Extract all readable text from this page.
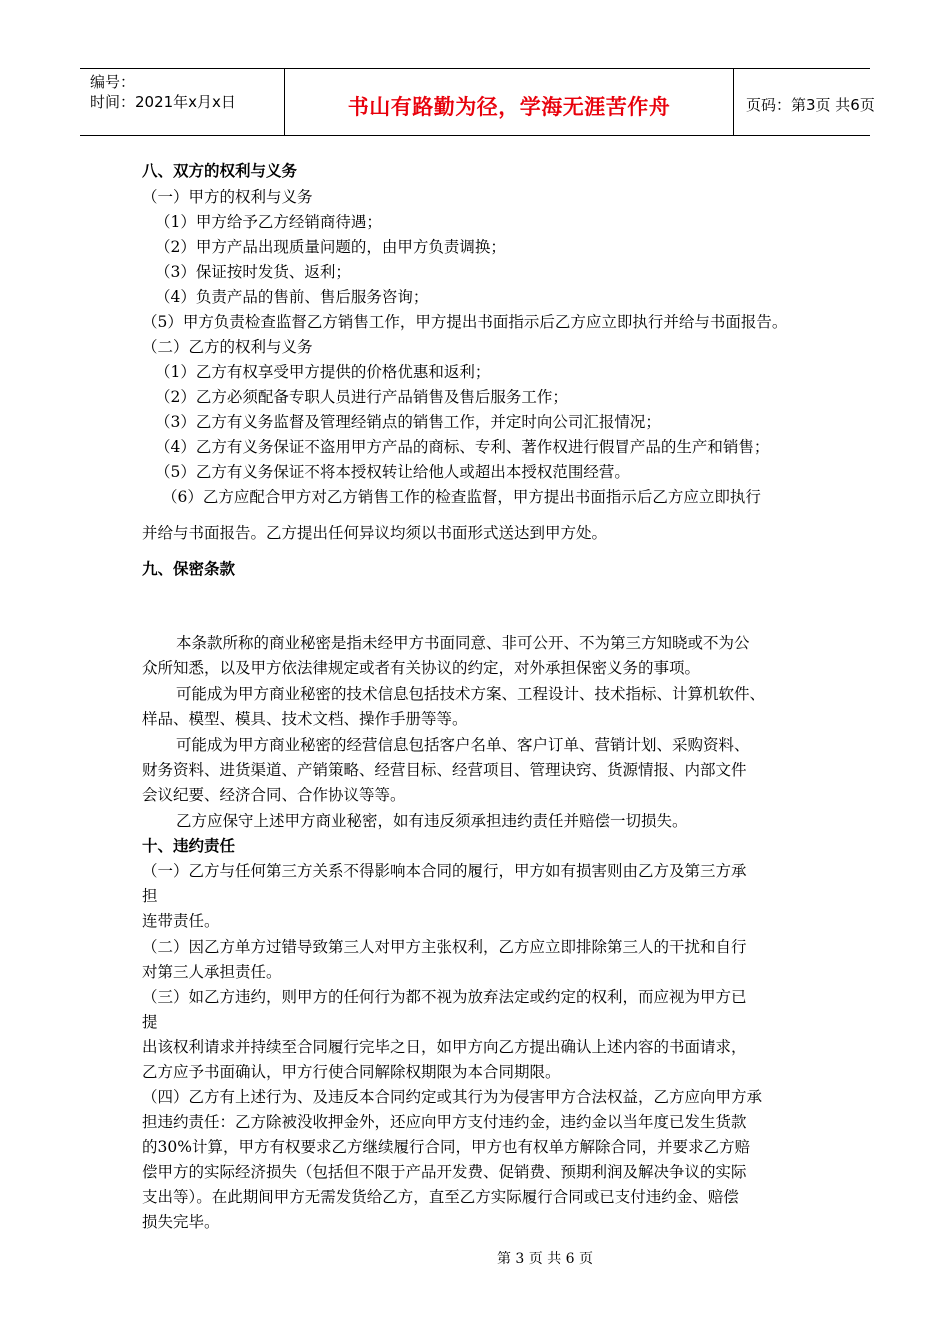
编号：
时间：2021年x月x日	书山有路勤为径，学海无涯苦作舟	页码：第3页 共6页
八、双方的权利与义务
（一）甲方的权利与义务
（1）甲方给予乙方经销商待遇；
（2）甲方产品出现质量问题的，由甲方负责调换；
（3）保证按时发货、返利；
（4）负责产品的售前、售后服务咨询；
（5）甲方负责检查监督乙方销售工作，甲方提出书面指示后乙方应立即执行并给与书面报告。
（二）乙方的权利与义务
（1）乙方有权享受甲方提供的价格优惠和返利；
（2）乙方必须配备专职人员进行产品销售及售后服务工作；
（3）乙方有义务监督及管理经销点的销售工作，并定时向公司汇报情况；
（4）乙方有义务保证不盗用甲方产品的商标、专利、著作权进行假冒产品的生产和销售；
（5）乙方有义务保证不将本授权转让给他人或超出本授权范围经营。
（6）乙方应配合甲方对乙方销售工作的检查监督，甲方提出书面指示后乙方应立即执行
并给与书面报告。乙方提出任何异议均须以书面形式送达到甲方处。
九、保密条款
本条款所称的商业秘密是指未经甲方书面同意、非可公开、不为第三方知晓或不为公
众所知悉，以及甲方依法律规定或者有关协议的约定，对外承担保密义务的事项。
可能成为甲方商业秘密的技术信息包括技术方案、工程设计、技术指标、计算机软件、
样品、模型、模具、技术文档、操作手册等等。
可能成为甲方商业秘密的经营信息包括客户名单、客户订单、营销计划、采购资料、
财务资料、进货渠道、产销策略、经营目标、经营项目、管理诀窍、货源情报、内部文件
会议纪要、经济合同、合作协议等等。
乙方应保守上述甲方商业秘密，如有违反须承担违约责任并赔偿一切损失。
十、违约责任
（一）乙方与任何第三方关系不得影响本合同的履行，甲方如有损害则由乙方及第三方承
担
连带责任。
（二）因乙方单方过错导致第三人对甲方主张权利，乙方应立即排除第三人的干扰和自行
对第三人承担责任。
（三）如乙方违约，则甲方的任何行为都不视为放弃法定或约定的权利，而应视为甲方已
提
出该权利请求并持续至合同履行完毕之日，如甲方向乙方提出确认上述内容的书面请求，
乙方应予书面确认，甲方行使合同解除权期限为本合同期限。
（四）乙方有上述行为、及违反本合同约定或其行为为侵害甲方合法权益，乙方应向甲方承
担违约责任：乙方除被没收押金外，还应向甲方支付违约金，违约金以当年度已发生货款
的30%计算，甲方有权要求乙方继续履行合同，甲方也有权单方解除合同，并要求乙方赔
偿甲方的实际经济损失（包括但不限于产品开发费、促销费、预期利润及解决争议的实际
支出等）。在此期间甲方无需发货给乙方，直至乙方实际履行合同或已支付违约金、赔偿
损失完毕。
第 3 页 共 6 页
